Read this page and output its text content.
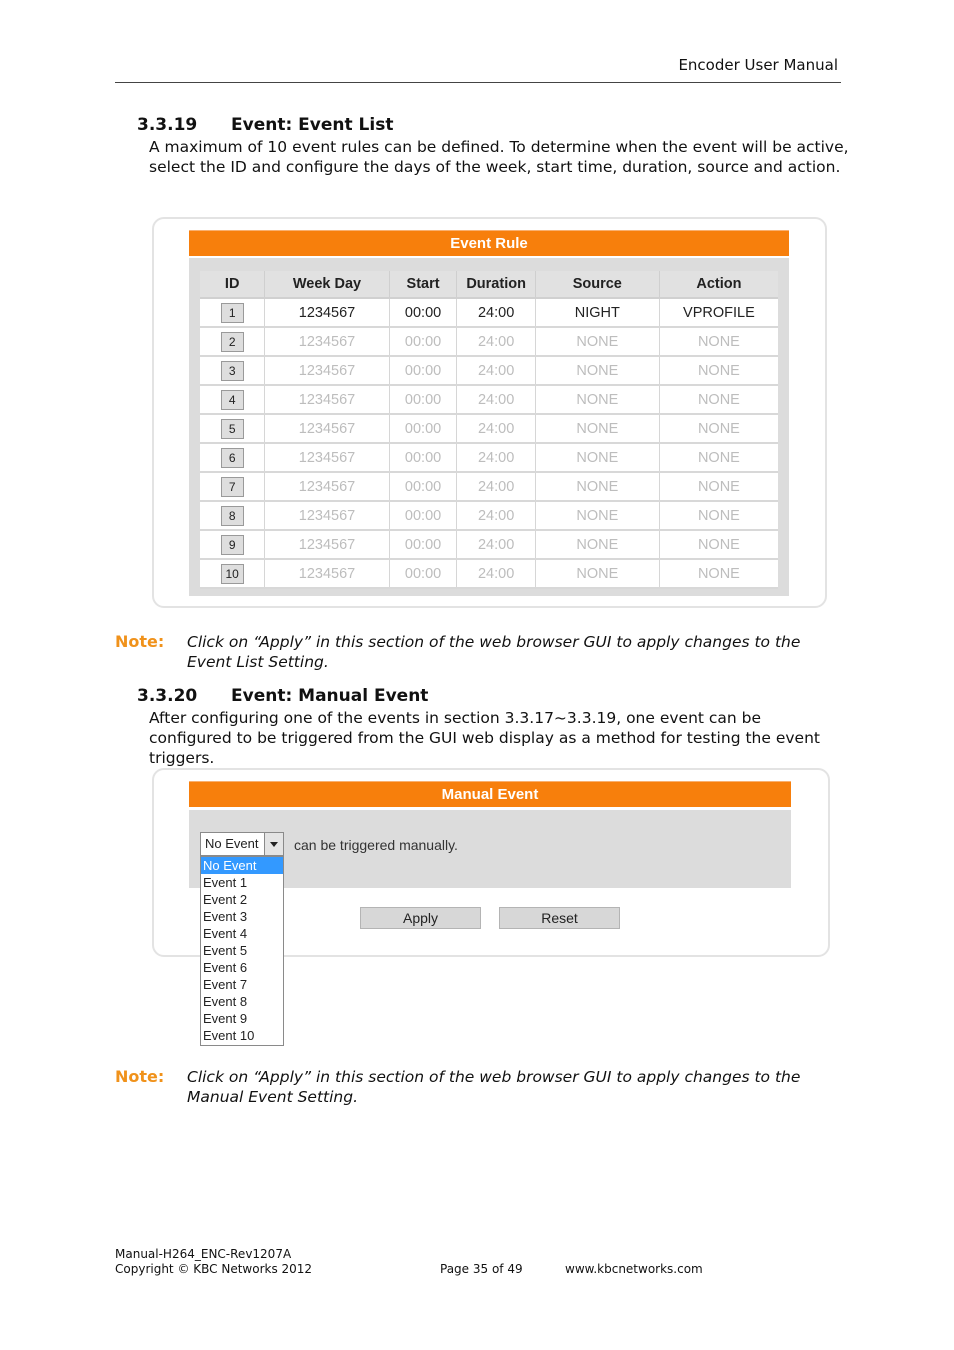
Encoder User Manual
3.3.19 Event: Event List
A maximum of 10 event rules can be defined. To determine when the event will be active, select the ID and configure the days of the week, start time, duration, source and action.
Event Rule
ID	Week Day	Start	Duration	Source	Action
1	1234567	00:00	24:00	NIGHT	VPROFILE
2	1234567	00:00	24:00	NONE	NONE
3	1234567	00:00	24:00	NONE	NONE
4	1234567	00:00	24:00	NONE	NONE
5	1234567	00:00	24:00	NONE	NONE
6	1234567	00:00	24:00	NONE	NONE
7	1234567	00:00	24:00	NONE	NONE
8	1234567	00:00	24:00	NONE	NONE
9	1234567	00:00	24:00	NONE	NONE
10	1234567	00:00	24:00	NONE	NONE
Note: Click on “Apply” in this section of the web browser GUI to apply changes to the Event List Setting.
3.3.20 Event: Manual Event
After configuring one of the events in section 3.3.17~3.3.19, one event can be configured to be triggered from the GUI web display as a method for testing the event triggers.
Manual Event
No Event	can be triggered manually.
No Event
Event 1
Event 2
Event 3
Event 4
Event 5
Event 6
Event 7
Event 8
Event 9
Event 10
Apply	Reset
Note: Click on “Apply” in this section of the web browser GUI to apply changes to the Manual Event Setting.
Manual-H264_ENC-Rev1207A
Copyright © KBC Networks 2012	Page 35 of 49	www.kbcnetworks.com
